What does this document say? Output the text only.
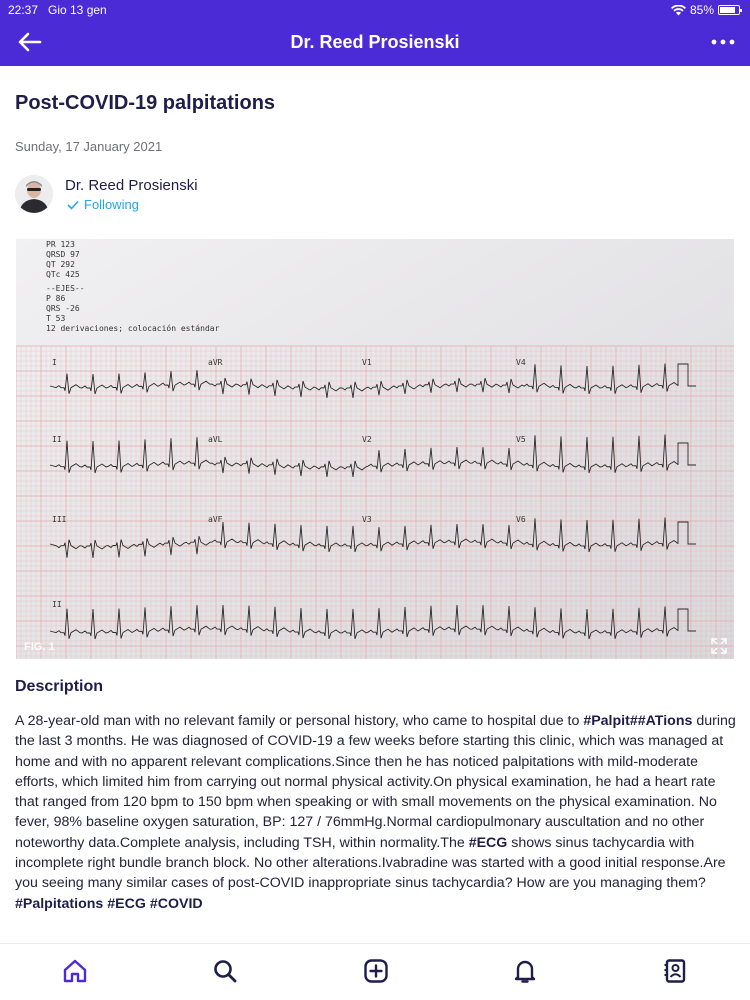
22:37 Gio 13 gen	85%
Dr. Reed Prosienski
Post-COVID-19 palpitations
Sunday, 17 January 2021
Dr. Reed Prosienski
Following
PR 123
QRSD 97
QT 292
QTc 425
--EJES--
P 86
QRS -26
T 53
12 derivaciones; colocación estándar
I	aVR	V1	V4
II	aVL	V2	V5
III	aVF	V3	V6
II
FIG. 1
Description
A 28-year-old man with no relevant family or personal history, who came to hospital due to #Palpit##ATions during the last 3 months. He was diagnosed of COVID-19 a few weeks before starting this clinic, which was managed at home and with no apparent relevant complications.Since then he has noticed palpitations with mild-moderate efforts, which limited him from carrying out normal physical activity.On physical examination, he had a heart rate that ranged from 120 bpm to 150 bpm when speaking or with small movements on the physical examination. No fever, 98% baseline oxygen saturation, BP: 127 / 76mmHg.Normal cardiopulmonary auscultation and no other noteworthy data.Complete analysis, including TSH, within normality.The #ECG shows sinus tachycardia with incomplete right bundle branch block. No other alterations.Ivabradine was started with a good initial response.Are you seeing many similar cases of post-COVID inappropriate sinus tachycardia? How are you managing them? #Palpitations #ECG #COVID
